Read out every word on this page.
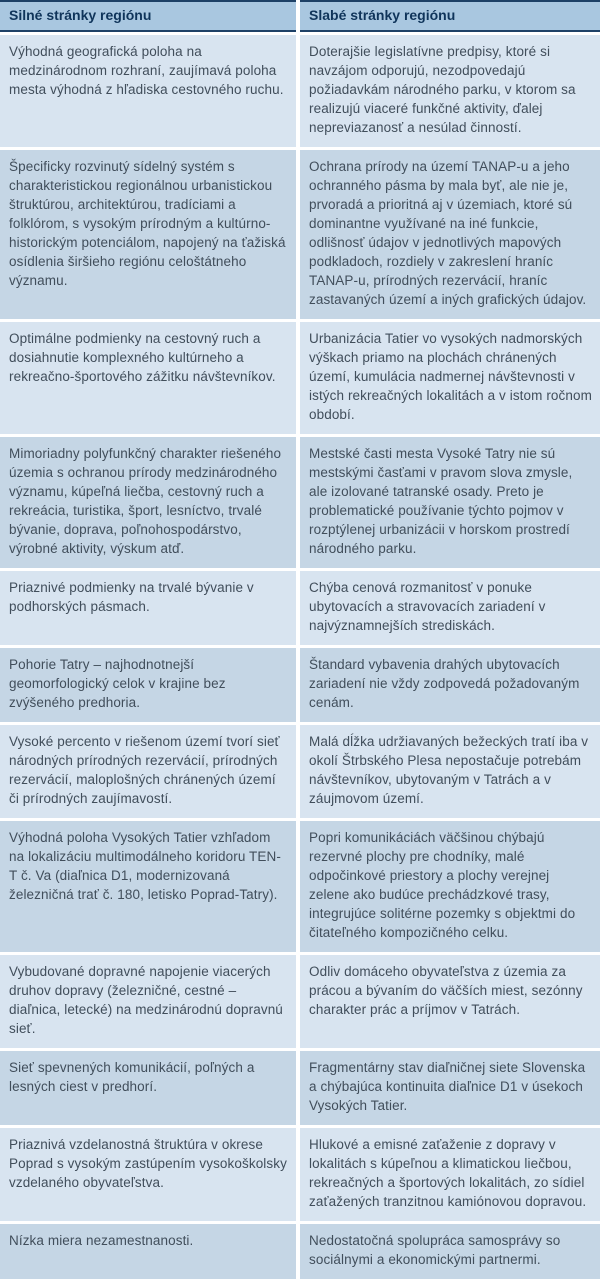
Silné stránky regiónu	Slabé stránky regiónu
Výhodná geografická poloha na medzinárodnom rozhraní, zaujímavá poloha mesta výhodná z hľadiska cestovného ruchu.
Doterajšie legislatívne predpisy, ktoré si navzájom odporujú, nezodpovedajú požiadavkám národného parku, v ktorom sa realizujú viaceré funkčné aktivity, ďalej nepreviazanosť a nesúlad činností.
Špecificky rozvinutý sídelný systém s charakteristickou regionálnou urbanistickou štruktúrou, architektúrou, tradíciami a folklórom, s vysokým prírodným a kultúrno-historickým potenciálom, napojený na ťažiská osídlenia širšieho regiónu celoštátneho významu.
Ochrana prírody na území TANAP-u a jeho ochranného pásma by mala byť, ale nie je, prvoradá a prioritná aj v územiach, ktoré sú dominantne využívané na iné funkcie, odlišnosť údajov v jednotlivých mapových podkladoch, rozdiely v zakreslení hraníc TANAP-u, prírodných rezervácií, hraníc zastavaných území a iných grafických údajov.
Optimálne podmienky na cestovný ruch a dosiahnutie komplexného kultúrneho a rekreačno-športového zážitku návštevníkov.
Urbanizácia Tatier vo vysokých nadmorských výškach priamo na plochách chránených území, kumulácia nadmernej návštevnosti v istých rekreačných lokalitách a v istom ročnom období.
Mimoriadny polyfunkčný charakter riešeného územia s ochranou prírody medzinárodného významu, kúpeľná liečba, cestovný ruch a rekreácia, turistika, šport, lesníctvo, trvalé bývanie, doprava, poľnohospodárstvo, výrobné aktivity, výskum atď.
Mestské časti mesta Vysoké Tatry nie sú mestskými časťami v pravom slova zmysle, ale izolované tatranské osady. Preto je problematické používanie týchto pojmov v rozptýlenej urbanizácii v horskom prostredí národného parku.
Priaznivé podmienky na trvalé bývanie v podhorských pásmach.
Chýba cenová rozmanitosť v ponuke ubytovacích a stravovacích zariadení v najvýznamnejších strediskách.
Pohorie Tatry – najhodnotnejší geomorfologický celok v krajine bez zvýšeného predhoria.
Štandard vybavenia drahých ubytovacích zariadení nie vždy zodpovedá požadovaným cenám.
Vysoké percento v riešenom území tvorí sieť národných prírodných rezervácií, prírodných rezervácií, maloplošných chránených území či prírodných zaujímavostí.
Malá dĺžka udržiavaných bežeckých tratí iba v okolí Štrbského Plesa nepostačuje potrebám návštevníkov, ubytovaným v Tatrách a v záujmovom území.
Výhodná poloha Vysokých Tatier vzhľadom na lokalizáciu multimodálneho koridoru TEN-T č. Va (diaľnica D1, modernizovaná železničná trať č. 180, letisko Poprad-Tatry).
Popri komunikáciách väčšinou chýbajú rezervné plochy pre chodníky, malé odpočinkové priestory a plochy verejnej zelene ako budúce prechádzkové trasy, integrujúce solitérne pozemky s objektmi do čitateľného kompozičného celku.
Vybudované dopravné napojenie viacerých druhov dopravy (železničné, cestné – diaľnica, letecké) na medzinárodnú dopravnú sieť.
Odliv domáceho obyvateľstva z územia za prácou a bývaním do väčších miest, sezónny charakter prác a príjmov v Tatrách.
Sieť spevnených komunikácií, poľných a lesných ciest v predhorí.
Fragmentárny stav diaľničnej siete Slovenska a chýbajúca kontinuita diaľnice D1 v úsekoch Vysokých Tatier.
Priaznivá vzdelanostná štruktúra v okrese Poprad s vysokým zastúpením vysokoškolsky vzdelaného obyvateľstva.
Hlukové a emisné zaťaženie z dopravy v lokalitách s kúpeľnou a klimatickou liečbou, rekreačných a športových lokalitách, zo sídiel zaťažených tranzitnou kamiónovou dopravou.
Nízka miera nezamestnanosti.	Nedostatočná spolupráca samosprávy so sociálnymi a ekonomickými partnermi.
